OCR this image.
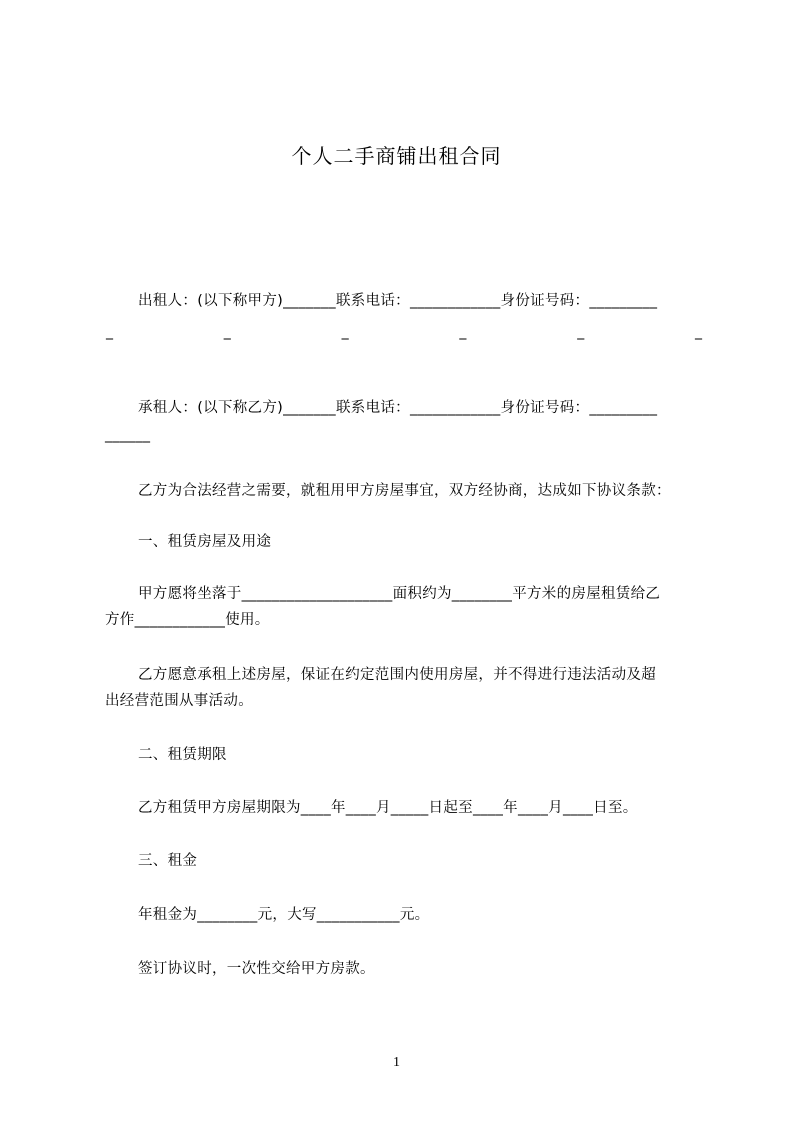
个人二手商铺出租合同
出租人：(以下称甲方)_______联系电话：____________身份证号码：_________
_	_	_	_	_	_
承租人：(以下称乙方)_______联系电话：____________身份证号码：_________
______
乙方为合法经营之需要，就租用甲方房屋事宜，双方经协商，达成如下协议条款：
一、租赁房屋及用途
甲方愿将坐落于____________________面积约为________平方米的房屋租赁给乙
方作____________使用。
乙方愿意承租上述房屋，保证在约定范围内使用房屋，并不得进行违法活动及超
出经营范围从事活动。
二、租赁期限
乙方租赁甲方房屋期限为____年____月_____日起至____年____月____日至。
三、租金
年租金为________元，大写___________元。
签订协议时，一次性交给甲方房款。
1
